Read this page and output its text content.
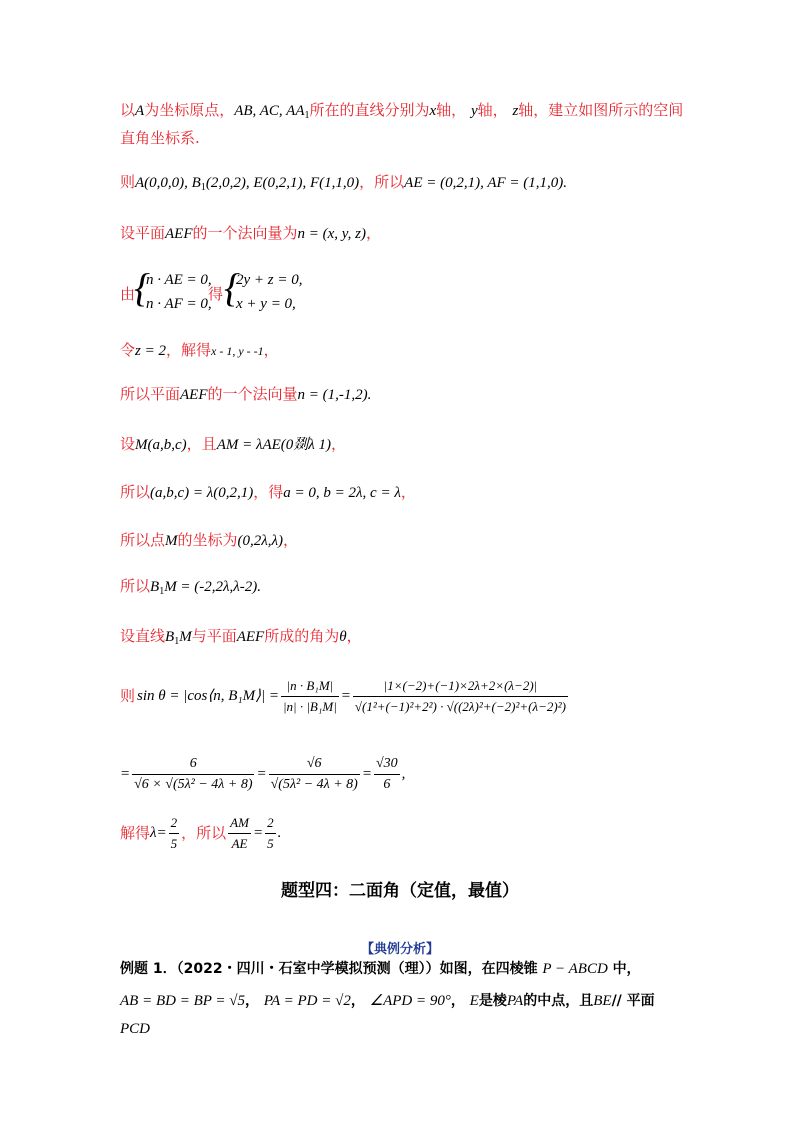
以A为坐标原点，AB, AC, $AA_1$所在的直线分别为x轴， y轴， z轴，建立如图所示的空间
直角坐标系.
则A(0,0,0), $B_1(2,0,2)$, E(0,2,1), F(1,1,0)，所以AE = (0,2,1), AF = (1,1,0).
设平面AEF的一个法向量为n = (x, y, z)，
由
{
n · AE = 0,
n · AF = 0,
得 {
2y + z = 0,
x + y = 0,
令z = 2，解得x - 1, y - -1，
所以平面AEF的一个法向量n = (1,-1,2).
设M(a,b,c)，且AM = λAE(0剟λ 1)，
所以(a,b,c) = λ(0,2,1)，得a = 0, b = 2λ, c = λ，
所以点M的坐标为(0,2λ,λ)，
所以$B_1M = (-2,2\lambda,\lambda-2)$.
设直线$B_1M$与平面AEF所成的角为θ，
则 sin θ = |cos⟨n, B₁M⟩| = $\frac{\text{|n · B₁M|}}{\text{|n| · |B₁M|}} = \frac{|1\times(-2)+(-1)\times 2\lambda+2\times(\lambda-2)|}{\text{√(1²+(−1)²+2²) · √((2λ)²+(−2)²+(λ−2)²)}}$
= $\frac{6}{\text{√6 × √(5λ² − 4λ + 8)}} = \frac{√6}{\text{√(5λ² − 4λ + 8)}} = \frac{√30}{6}$ ,
解得 $\lambda= \frac{2}{5}$ ，所以 $\frac{AM}{AE} = \frac{2}{5}$ .
题型四：二面角（定值，最值）
【典例分析】
例题 1．（2022・四川・石室中学模拟预测（理））如图，在四棱锥 P − ABCD 中，
AB = BD = BP = √5， PA = PD = √2， ∠APD = 90°， E是棱PA的中点，且BE// 平面
PCD
